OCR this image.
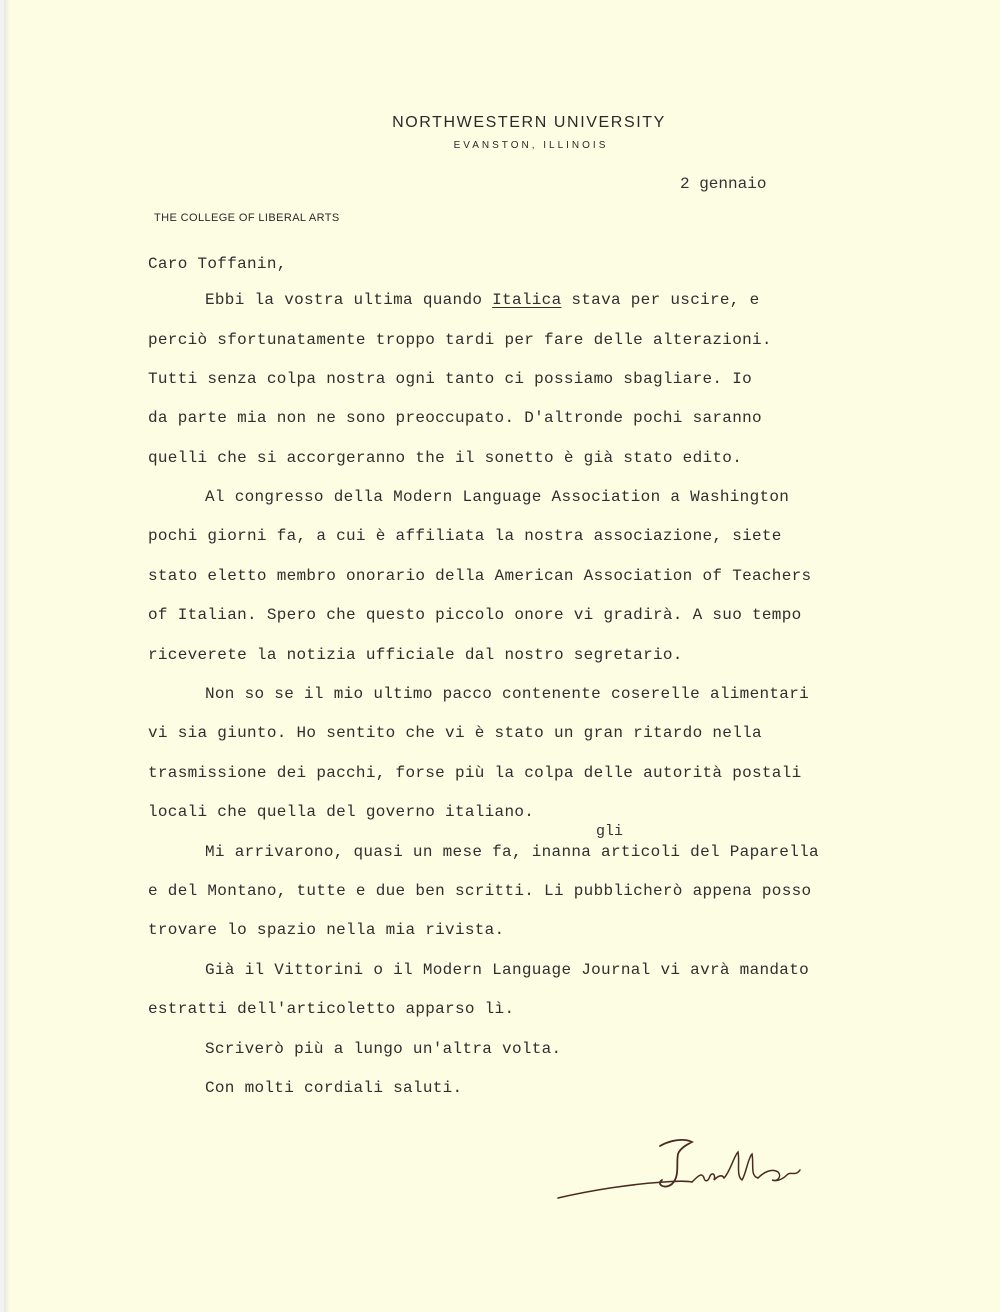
NORTHWESTERN UNIVERSITY
EVANSTON, ILLINOIS
THE COLLEGE OF LIBERAL ARTS
2 gennaio
Caro Toffanin,
Ebbi la vostra ultima quando Italica stava per uscire, e
perciò sfortunatamente troppo tardi per fare delle alterazioni.
Tutti senza colpa nostra ogni tanto ci possiamo sbagliare. Io
da parte mia non ne sono preoccupato. D'altronde pochi saranno
quelli che si accorgeranno the il sonetto è già stato edito.
Al congresso della Modern Language Association a Washington
pochi giorni fa, a cui è affiliata la nostra associazione, siete
stato eletto membro onorario della American Association of Teachers
of Italian. Spero che questo piccolo onore vi gradirà. A suo tempo
riceverete la notizia ufficiale dal nostro segretario.
Non so se il mio ultimo pacco contenente coserelle alimentari
vi sia giunto. Ho sentito che vi è stato un gran ritardo nella
trasmissione dei pacchi, forse più la colpa delle autorità postali
locali che quella del governo italiano.
gli
Mi arrivarono, quasi un mese fa, inanna articoli del Paparella
e del Montano, tutte e due ben scritti. Li pubblicherò appena posso
trovare lo spazio nella mia rivista.
Già il Vittorini o il Modern Language Journal vi avrà mandato
estratti dell'articoletto apparso lì.
Scriverò più a lungo un'altra volta.
Con molti cordiali saluti.
